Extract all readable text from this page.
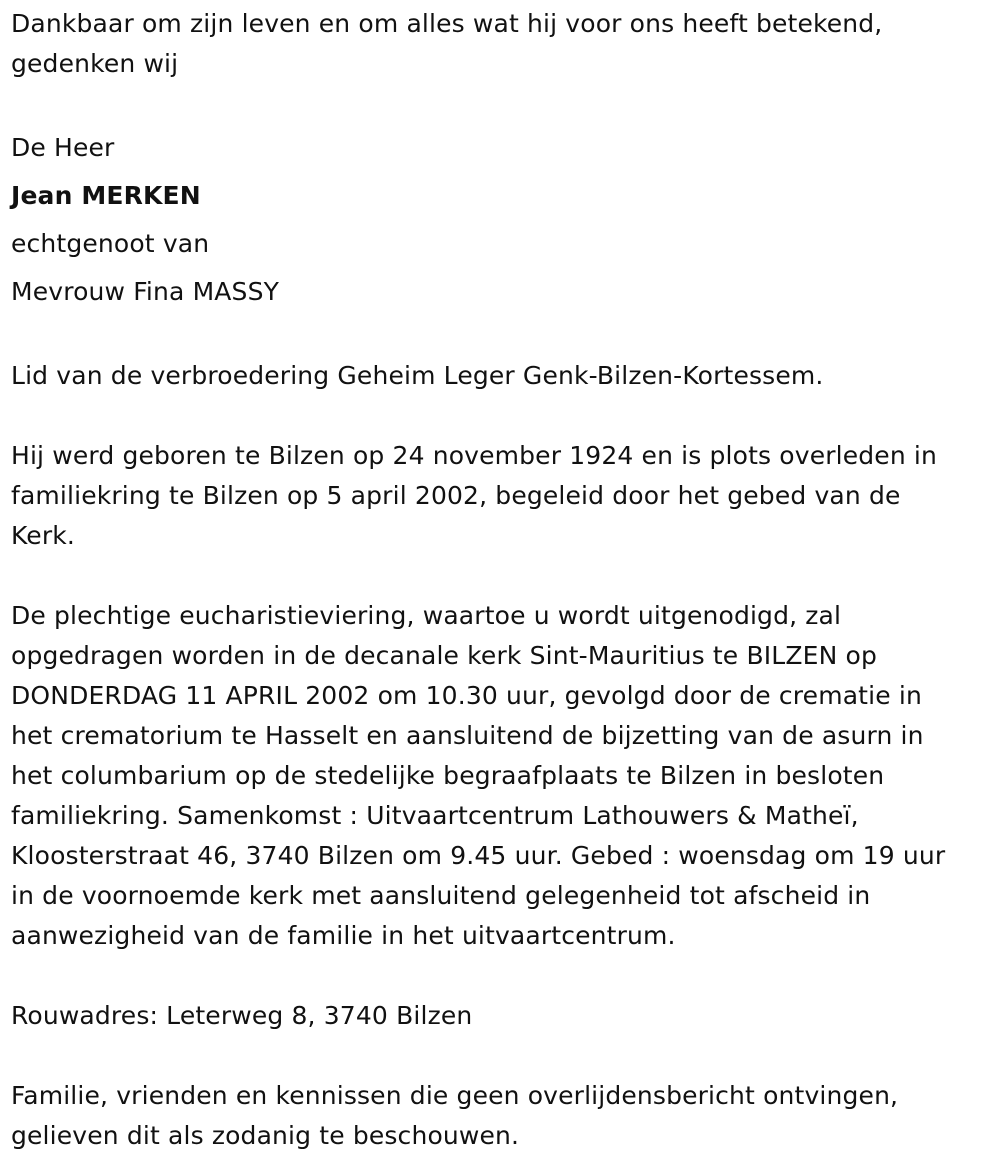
Dankbaar om zijn leven en om alles wat hij voor ons heeft betekend,
gedenken wij
De Heer
Jean MERKEN
echtgenoot van
Mevrouw Fina MASSY
Lid van de verbroedering Geheim Leger Genk-Bilzen-Kortessem.
Hij werd geboren te Bilzen op 24 november 1924 en is plots overleden in
familiekring te Bilzen op 5 april 2002, begeleid door het gebed van de
Kerk.
De plechtige eucharistieviering, waartoe u wordt uitgenodigd, zal
opgedragen worden in de decanale kerk Sint-Mauritius te BILZEN op
DONDERDAG 11 APRIL 2002 om 10.30 uur, gevolgd door de crematie in
het crematorium te Hasselt en aansluitend de bijzetting van de asurn in
het columbarium op de stedelijke begraafplaats te Bilzen in besloten
familiekring. Samenkomst : Uitvaartcentrum Lathouwers & Matheï,
Kloosterstraat 46, 3740 Bilzen om 9.45 uur. Gebed : woensdag om 19 uur
in de voornoemde kerk met aansluitend gelegenheid tot afscheid in
aanwezigheid van de familie in het uitvaartcentrum.
Rouwadres: Leterweg 8, 3740 Bilzen
Familie, vrienden en kennissen die geen overlijdensbericht ontvingen,
gelieven dit als zodanig te beschouwen.
